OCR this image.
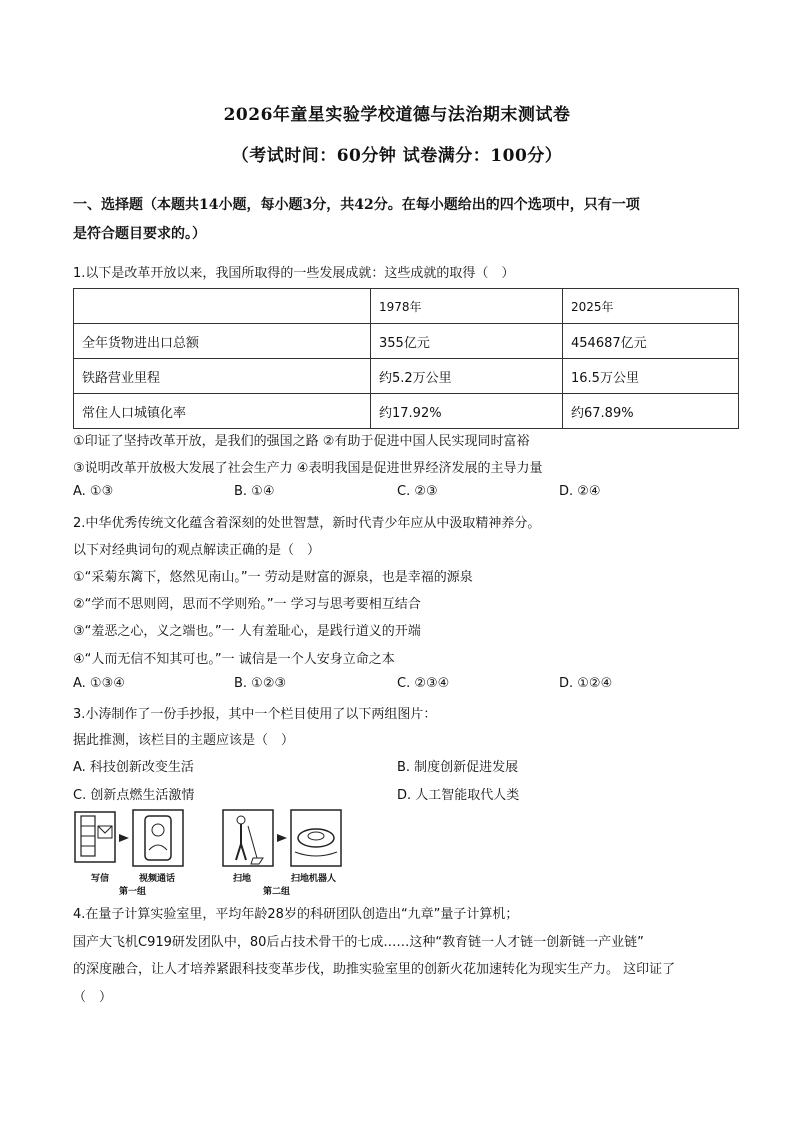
2026年童星实验学校道德与法治期末测试卷
（考试时间：60分钟 试卷满分：100分）
一、选择题（本题共14小题，每小题3分，共42分。在每小题给出的四个选项中，只有一项
是符合题目要求的。）
1.以下是改革开放以来，我国所取得的一些发展成就：这些成就的取得（　）
	1978年	2025年
全年货物进出口总额	355亿元	454687亿元
铁路营业里程	约5.2万公里	16.5万公里
常住人口城镇化率	约17.92%	约67.89%
①印证了坚持改革开放，是我们的强国之路 ②有助于促进中国人民实现同时富裕
③说明改革开放极大发展了社会生产力 ④表明我国是促进世界经济发展的主导力量
A. ①③	B. ①④	C. ②③	D. ②④
2.中华优秀传统文化蕴含着深刻的处世智慧，新时代青少年应从中汲取精神养分。
以下对经典词句的观点解读正确的是（　）
①“采菊东篱下，悠然见南山。”一 劳动是财富的源泉，也是幸福的源泉
②“学而不思则罔，思而不学则殆。”一 学习与思考要相互结合
③“羞恶之心，义之端也。”一 人有羞耻心，是践行道义的开端
④“人而无信不知其可也。”一 诚信是一个人安身立命之本
A. ①③④	B. ①②③	C. ②③④	D. ①②④
3.小涛制作了一份手抄报，其中一个栏目使用了以下两组图片：
据此推测，该栏目的主题应该是（　）
A. 科技创新改变生活	B. 制度创新促进发展
C. 创新点燃生活激情	D. 人工智能取代人类
写信	视频通话
第一组
扫地	扫地机器人
第二组
4.在量子计算实验室里，平均年龄28岁的科研团队创造出“九章”量子计算机；
国产大飞机C919研发团队中，80后占技术骨干的七成……这种“教育链一人才链一创新链一产业链”
的深度融合，让人才培养紧跟科技变革步伐，助推实验室里的创新火花加速转化为现实生产力。 这印证了
（　）
